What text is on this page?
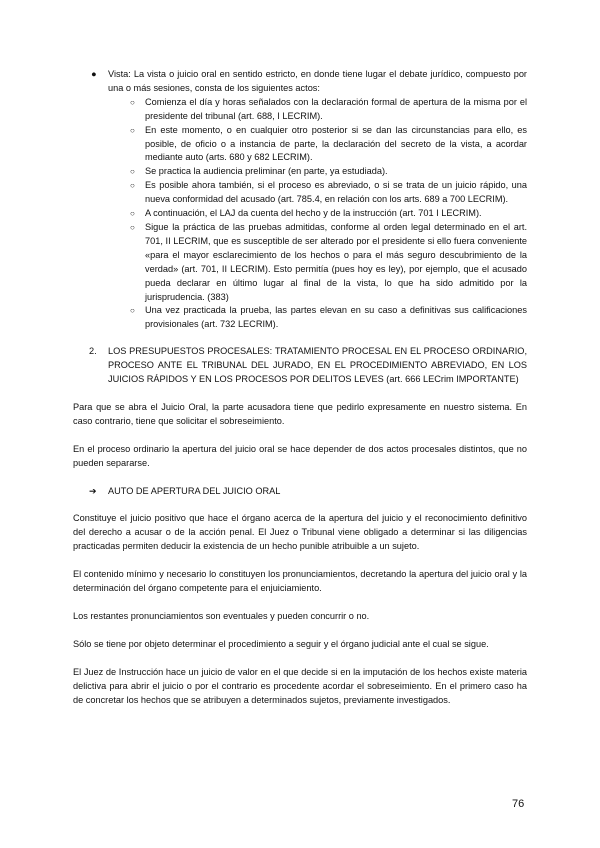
● Vista: La vista o juicio oral en sentido estricto, en donde tiene lugar el debate jurídico, compuesto por una o más sesiones, consta de los siguientes actos:
○ Comienza el día y horas señalados con la declaración formal de apertura de la misma por el presidente del tribunal (art. 688, I LECRIM).
○ En este momento, o en cualquier otro posterior si se dan las circunstancias para ello, es posible, de oficio o a instancia de parte, la declaración del secreto de la vista, a acordar mediante auto (arts. 680 y 682 LECRIM).
○ Se practica la audiencia preliminar (en parte, ya estudiada).
○ Es posible ahora también, si el proceso es abreviado, o si se trata de un juicio rápido, una nueva conformidad del acusado (art. 785.4, en relación con los arts. 689 a 700 LECRIM).
○ A continuación, el LAJ da cuenta del hecho y de la instrucción (art. 701 I LECRIM).
○ Sigue la práctica de las pruebas admitidas, conforme al orden legal determinado en el art. 701, II LECRIM, que es susceptible de ser alterado por el presidente si ello fuera conveniente «para el mayor esclarecimiento de los hechos o para el más seguro descubrimiento de la verdad» (art. 701, II LECRIM). Esto permitía (pues hoy es ley), por ejemplo, que el acusado pueda declarar en último lugar al final de la vista, lo que ha sido admitido por la jurisprudencia. (383)
○ Una vez practicada la prueba, las partes elevan en su caso a definitivas sus calificaciones provisionales (art. 732 LECRIM).
2. LOS PRESUPUESTOS PROCESALES: TRATAMIENTO PROCESAL EN EL PROCESO ORDINARIO, PROCESO ANTE EL TRIBUNAL DEL JURADO, EN EL PROCEDIMIENTO ABREVIADO, EN LOS JUICIOS RÁPIDOS Y EN LOS PROCESOS POR DELITOS LEVES (art. 666 LECrim IMPORTANTE)

Para que se abra el Juicio Oral, la parte acusadora tiene que pedirlo expresamente en nuestro sistema. En caso contrario, tiene que solicitar el sobreseimiento.

En el proceso ordinario la apertura del juicio oral se hace depender de dos actos procesales distintos, que no pueden separarse.

➔ AUTO DE APERTURA DEL JUICIO ORAL

Constituye el juicio positivo que hace el órgano acerca de la apertura del juicio y el reconocimiento definitivo del derecho a acusar o de la acción penal. El Juez o Tribunal viene obligado a determinar si las diligencias practicadas permiten deducir la existencia de un hecho punible atribuible a un sujeto.

El contenido mínimo y necesario lo constituyen los pronunciamientos, decretando la apertura del juicio oral y la determinación del órgano competente para el enjuiciamiento.

Los restantes pronunciamientos son eventuales y pueden concurrir o no.

Sólo se tiene por objeto determinar el procedimiento a seguir y el órgano judicial ante el cual se sigue.

El Juez de Instrucción hace un juicio de valor en el que decide si en la imputación de los hechos existe materia delictiva para abrir el juicio o por el contrario es procedente acordar el sobreseimiento. En el primero caso ha de concretar los hechos que se atribuyen a determinados sujetos, previamente investigados.

76
